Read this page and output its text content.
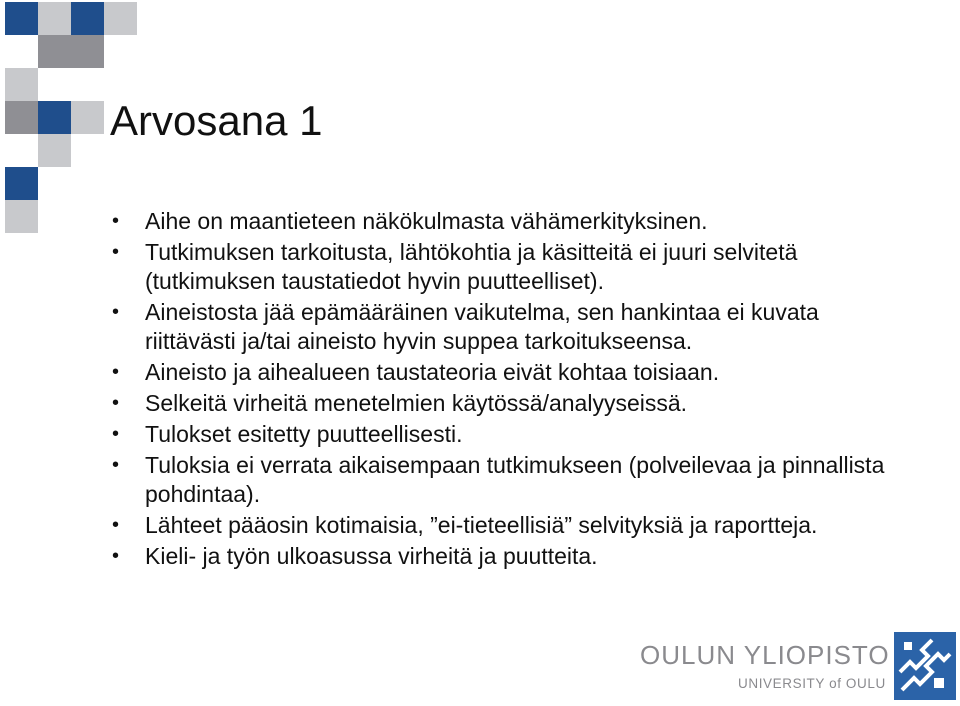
Arvosana 1
• Aihe on maantieteen näkökulmasta vähämerkityksinen.
• Tutkimuksen tarkoitusta, lähtökohtia ja käsitteitä ei juuri selvitetä (tutkimuksen taustatiedot hyvin puutteelliset).
• Aineistosta jää epämääräinen vaikutelma, sen hankintaa ei kuvata riittävästi ja/tai aineisto hyvin suppea tarkoitukseensa.
• Aineisto ja aihealueen taustateoria eivät kohtaa toisiaan.
• Selkeitä virheitä menetelmien käytössä/analyyseissä.
• Tulokset esitetty puutteellisesti.
• Tuloksia ei verrata aikaisempaan tutkimukseen (polveilevaa ja pinnallista pohdintaa).
• Lähteet pääosin kotimaisia, ”ei-tieteellisiä” selvityksiä ja raportteja.
• Kieli- ja työn ulkoasussa virheitä ja puutteita.
OULUN YLIOPISTO
UNIVERSITY of OULU
